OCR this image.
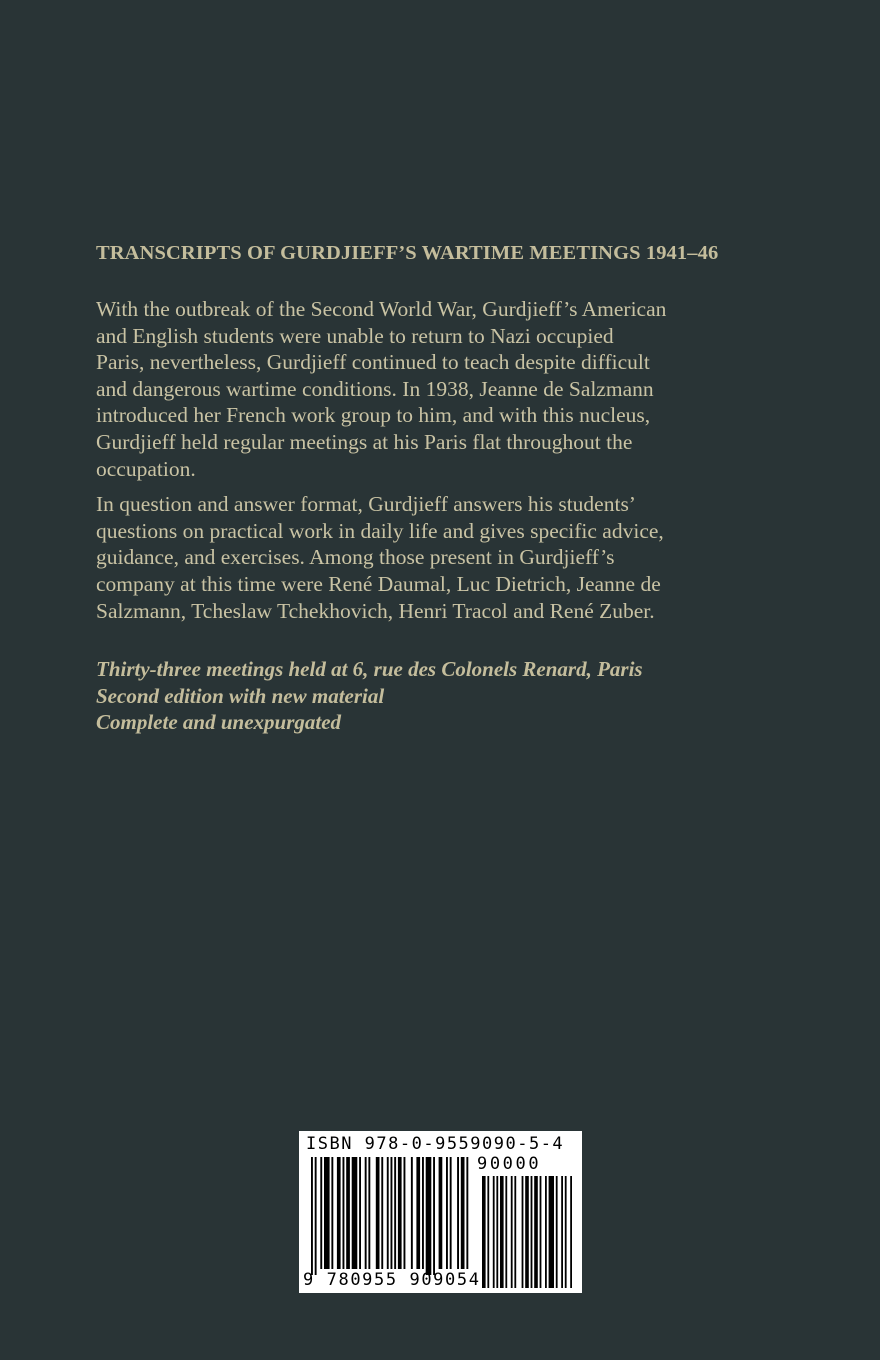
TRANSCRIPTS OF GURDJIEFF’S WARTIME MEETINGS 1941–46

With the outbreak of the Second World War, Gurdjieff’s American
and English students were unable to return to Nazi occupied
Paris, nevertheless, Gurdjieff continued to teach despite difficult
and dangerous wartime conditions. In 1938, Jeanne de Salzmann
introduced her French work group to him, and with this nucleus,
Gurdjieff held regular meetings at his Paris flat throughout the
occupation.

In question and answer format, Gurdjieff answers his students’
questions on practical work in daily life and gives specific advice,
guidance, and exercises. Among those present in Gurdjieff’s
company at this time were René Daumal, Luc Dietrich, Jeanne de
Salzmann, Tcheslaw Tchekhovich, Henri Tracol and René Zuber.

Thirty-three meetings held at 6, rue des Colonels Renard, Paris
Second edition with new material
Complete and unexpurgated
ISBN 978-0-9559090-5-4
90000
9 780955 909054
